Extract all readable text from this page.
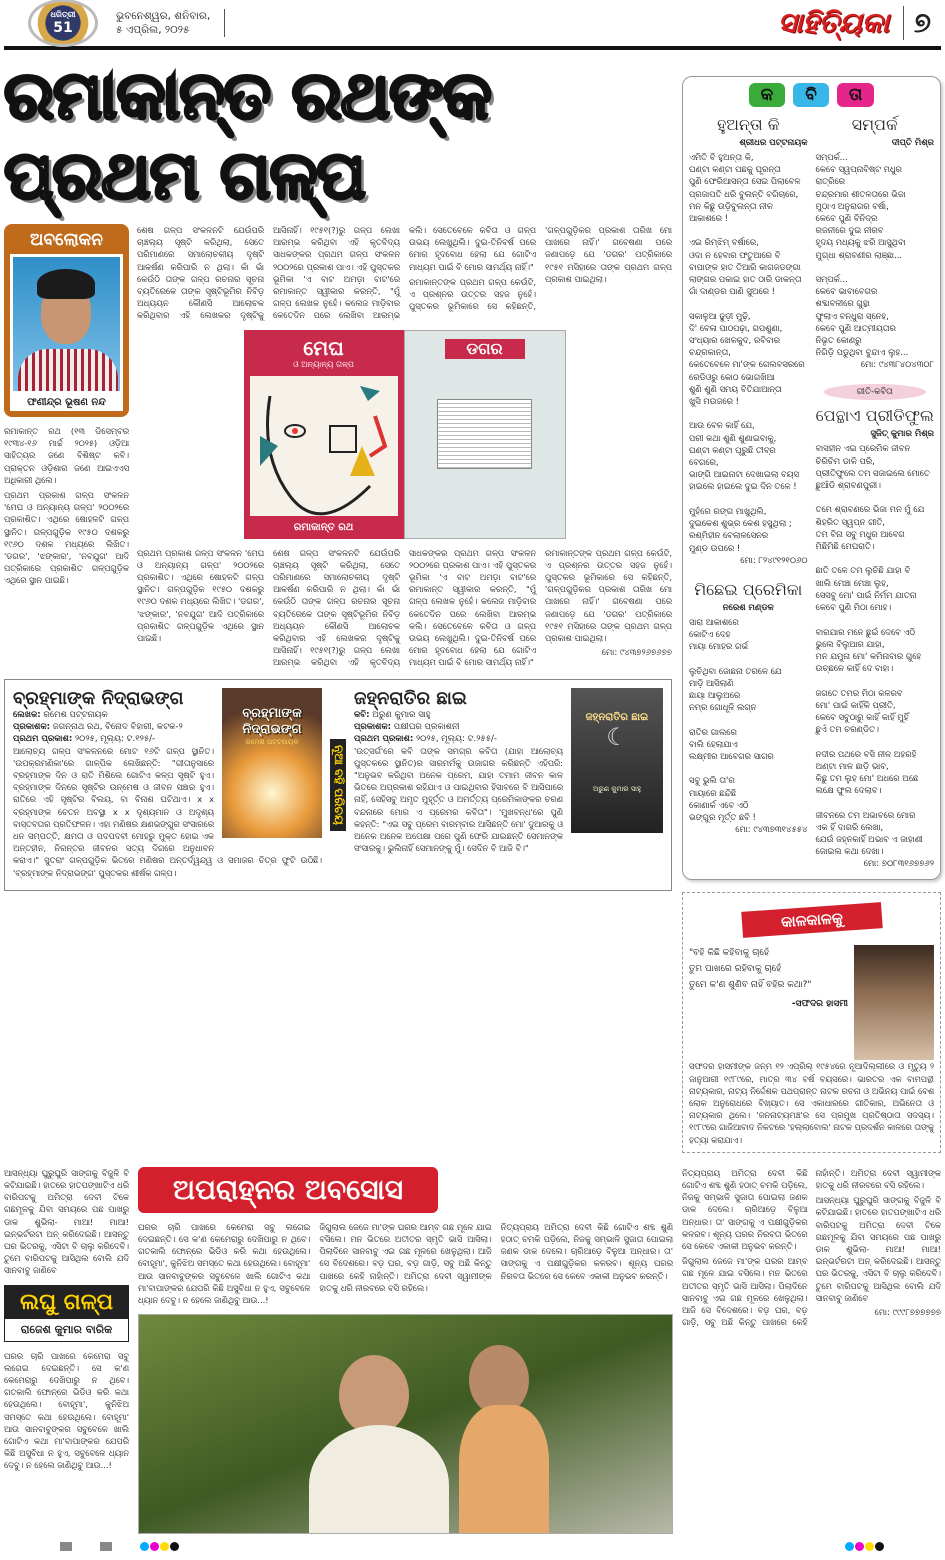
ଧରିତ୍ରୀ
51
ଭୁବନେଶ୍ୱର, ଶନିବାର,
୫ ଏପ୍ରିଲ, ୨୦୨୫	ସାହିତ୍ୟିକା ୭
ରମାକାନ୍ତ ରଥଙ୍କ ପ୍ରଥମ ଗଳ୍ପ
ଅବଲୋକନ
ଫଣୀନ୍ଦ୍ର ଭୂଷଣ ନନ୍ଦ

ରମାକାନ୍ତ ରଥ (୧୩ ଡିସେମ୍ବର ୧୯୩୪-୧୬ ମାର୍ଚ୍ଚ ୨୦୨୫) ଓଡ଼ିଆ ସାହିତ୍ୟର ଜଣେ ବିଶିଷ୍ଟ କବି। ପ୍ରାକ୍ତନ ଓଡ଼ିଶାର ଜଣେ ଆଇଏଏସ ଅଧିକାରୀ ଥିଲେ।

ପ୍ରଥମ ପ୍ରକାଶ ଗଳ୍ପ ସଂକଳନ 'ମେଘ ଓ ଅନ୍ୟାନ୍ୟ ଗଳ୍ପ' ୨୦୦୨ରେ ପ୍ରକାଶିତ। ଏଥିରେ ଷୋହଳଟି ଗଳ୍ପ ସ୍ଥାନିତ। ଗଳ୍ପଗୁଡ଼ିକ ୧୯୫୦ ଦଶକରୁ ୧୯୬୦ ଦଶକ ମଧ୍ୟରେ ଲିଖିତ। 'ଡଗର', 'ଝଙ୍କାର', 'ନବଯୁଗ' ଆଦି ପତ୍ରିକାରେ ପ୍ରକାଶିତ ଗଳ୍ପଗୁଡ଼ିକ ଏଥିରେ ସ୍ଥାନ ପାଇଛି।

ଶେଷ ଗଳ୍ପ ସଂକଳନଟି ଯେଉଁପରି ଚାଞ୍ଚଲ୍ୟ ସୃଷ୍ଟି କରିଥିଲା, ସେତେ ପରିମାଣରେ ସମାଲୋଚକୀୟ ଦୃଷ୍ଟି ଆକର୍ଷଣ କରିପାରି ନ ଥିଲା। କାଁ ଭାଁ କେଉଁଠି ତାଙ୍କ ଗଳ୍ପ ରଚନାର ସୂଚନା ବ୍ୟତିରେକେ ତାଙ୍କ ସୃଷ୍ଟିଭୂମିର ନିବିଡ଼ ଅଧ୍ୟୟନ କୌଣସି ଆଲୋଚକ କରିଥିବାର ଏହି ଲେଖକର ଦୃଷ୍ଟିକୁ ଆସିନାହିଁ। ୧୯୫୧(?)ରୁ ଗଳ୍ପ ଲେଖା ଆରମ୍ଭ କରିଥିବା ଏହି କୃତବିଦ୍ୟ ସାଧକଙ୍କର ପ୍ରଥମ ଗଳ୍ପ ସଂକଳନ ୨୦୦୨ରେ ପ୍ରକାଶ ପାଏ। ଏହି ପୁସ୍ତକର ଭୂମିକା 'ଏ ବାଟ ଅମଡ଼ା ବାଟ'ରେ ରମାକାନ୍ତ ସ୍ୱୀକାର କରନ୍ତି, "ମୁଁ ଗଳ୍ପ ଲେଖକ ନୁହେଁ। କଲେଜ ମାଡ଼ିବାର କେତେଦିନ ପରେ ଲେଖିବା ଆରମ୍ଭ କଲି। ସେତେବେଳେ କବିତା ଓ ଗଳ୍ପ ଉଭୟ ଲେଖୁଥିଲି। ଦୁଇ-ତିନିବର୍ଷ ପରେ ମୋର ହୃଦବୋଧ ହେଲା ଯେ ଗୋଟିଏ ମାଧ୍ୟମ ପାଇଁ ବି ମୋର ସାମର୍ଥ୍ୟ ନାହିଁ।"

ରମାକାନ୍ତଙ୍କ ପ୍ରଥମ ଗଳ୍ପ କେଉଁଟି, ଏ ପ୍ରଶ୍ନର ଉତ୍ତର ସହଜ ନୁହେଁ। ପୁସ୍ତକର ଭୂମିକାରେ ସେ କହିଛନ୍ତି, 'ଗଳ୍ପଗୁଡ଼ିକର ପ୍ରକାଶ ତାରିଖ ମୋ ପାଖରେ ନାହିଁ।' ଗବେଷଣା ପରେ ଜଣାପଡ଼େ ଯେ 'ଡଗର' ପତ୍ରିକାରେ ୧୯୫୧ ମସିହାରେ ତାଙ୍କ ପ୍ରଥମ ଗଳ୍ପ ପ୍ରକାଶ ପାଇଥିଲା।

ମେଘ
ଓ ଅନ୍ୟାନ୍ୟ ଗଳ୍ପ
ରମାକାନ୍ତ ରଥ
ଡଗର

ପ୍ରଥମ ପ୍ରକାଶ ଗଳ୍ପ ସଂକଳନ 'ମେଘ ଓ ଅନ୍ୟାନ୍ୟ ଗଳ୍ପ' ୨୦୦୨ରେ ପ୍ରକାଶିତ। ଏଥିରେ ଷୋହଳଟି ଗଳ୍ପ ସ୍ଥାନିତ। ଗଳ୍ପଗୁଡ଼ିକ ୧୯୫୦ ଦଶକରୁ ୧୯୬୦ ଦଶକ ମଧ୍ୟରେ ଲିଖିତ। 'ଡଗର', 'ଝଙ୍କାର', 'ନବଯୁଗ' ଆଦି ପତ୍ରିକାରେ ପ୍ରକାଶିତ ଗଳ୍ପଗୁଡ଼ିକ ଏଥିରେ ସ୍ଥାନ ପାଇଛି।

ଶେଷ ଗଳ୍ପ ସଂକଳନଟି ଯେଉଁପରି ଚାଞ୍ଚଲ୍ୟ ସୃଷ୍ଟି କରିଥିଲା, ସେତେ ପରିମାଣରେ ସମାଲୋଚକୀୟ ଦୃଷ୍ଟି ଆକର୍ଷଣ କରିପାରି ନ ଥିଲା। କାଁ ଭାଁ କେଉଁଠି ତାଙ୍କ ଗଳ୍ପ ରଚନାର ସୂଚନା ବ୍ୟତିରେକେ ତାଙ୍କ ସୃଷ୍ଟିଭୂମିର ନିବିଡ଼ ଅଧ୍ୟୟନ କୌଣସି ଆଲୋଚକ କରିଥିବାର ଏହି ଲେଖକର ଦୃଷ୍ଟିକୁ ଆସିନାହିଁ। ୧୯୫୧(?)ରୁ ଗଳ୍ପ ଲେଖା ଆରମ୍ଭ କରିଥିବା ଏହି କୃତବିଦ୍ୟ ସାଧକଙ୍କର ପ୍ରଥମ ଗଳ୍ପ ସଂକଳନ ୨୦୦୨ରେ ପ୍ରକାଶ ପାଏ। ଏହି ପୁସ୍ତକର ଭୂମିକା 'ଏ ବାଟ ଅମଡ଼ା ବାଟ'ରେ ରମାକାନ୍ତ ସ୍ୱୀକାର କରନ୍ତି, "ମୁଁ ଗଳ୍ପ ଲେଖକ ନୁହେଁ। କଲେଜ ମାଡ଼ିବାର କେତେଦିନ ପରେ ଲେଖିବା ଆରମ୍ଭ କଲି। ସେତେବେଳେ କବିତା ଓ ଗଳ୍ପ ଉଭୟ ଲେଖୁଥିଲି। ଦୁଇ-ତିନିବର୍ଷ ପରେ ମୋର ହୃଦବୋଧ ହେଲା ଯେ ଗୋଟିଏ ମାଧ୍ୟମ ପାଇଁ ବି ମୋର ସାମର୍ଥ୍ୟ ନାହିଁ।"

ରମାକାନ୍ତଙ୍କ ପ୍ରଥମ ଗଳ୍ପ କେଉଁଟି, ଏ ପ୍ରଶ୍ନର ଉତ୍ତର ସହଜ ନୁହେଁ। ପୁସ୍ତକର ଭୂମିକାରେ ସେ କହିଛନ୍ତି, 'ଗଳ୍ପଗୁଡ଼ିକର ପ୍ରକାଶ ତାରିଖ ମୋ ପାଖରେ ନାହିଁ।' ଗବେଷଣା ପରେ ଜଣାପଡ଼େ ଯେ 'ଡଗର' ପତ୍ରିକାରେ ୧୯୫୧ ମସିହାରେ ତାଙ୍କ ପ୍ରଥମ ଗଳ୍ପ ପ୍ରକାଶ ପାଇଥିଲା।

ମୋ: ୯୪୩୭୨୬୭୬୭୭
ବ୍ରହ୍ମାଙ୍କ ନିଦ୍ରାଭଙ୍ଗ
ରମେଶ ପଟ୍ଟନାୟକ
ବ୍ରହ୍ମାଙ୍କ ନିଦ୍ରାଭଙ୍ଗ
ଲେଖକ: ରମେଶ ପଟ୍ଟନାୟକ
ପ୍ରକାଶକ: ଜଗନ୍ନାଥ ରଥ, ବିନୋଦ ବିହାରୀ, କଟକ-୨
ପ୍ରଥମ ପ୍ରକାଶ: ୨୦୨୫, ମୂଲ୍ୟ: ଟ.୧୨୫/-

ଆଲୋଚ୍ୟ ଗଳ୍ପ ସଂକଳନରେ ମୋଟ ୧୬ଟି ଗଳ୍ପ ସ୍ଥାନିତ। 'ଉପକ୍ରମଣିକା'ରେ ଗାଳ୍ପିକ ଲେଖିଛନ୍ତି: "ଗୀତାନୁସାରେ ବ୍ରହ୍ମାଙ୍କ ଦିନ ଓ ରାତି ମିଶିଲେ ଗୋଟିଏ କଳ୍ପ ସୃଷ୍ଟି ହୁଏ। ବ୍ରହ୍ମାଙ୍କ ଦିନରେ ସୃଷ୍ଟିର ଉନ୍ମେଷ ଓ ଜୀବନ ସଞ୍ଚାର ହୁଏ। ରାତିରେ ଏହି ସୃଷ୍ଟିର ବିଲୟ, ବା ବିନାଶ ଘଟିଥାଏ। x x ବ୍ରହ୍ମାଙ୍କ ଚେତନ ଅବସ୍ଥା x x ଦୃଶ୍ୟମାନ ଓ ଅଦୃଶ୍ୟ ବାସ୍ତବତାର ପ୍ରତିଫଳନ। ଏହା ମଣିଷର କ୍ଷଣଭଙ୍ଗୁର ସଂସାରରେ ଧନ ସମ୍ପତ୍ତି, କ୍ଷମତା ଓ ପଦପଦବୀ ମୋହରୁ ମୁକ୍ତ ହୋଇ ଏକ ଅନ୍ତହୀନ, ନିରନ୍ତର ଜୀବନର ସତ୍ୟ ଦିଗରେ ଅନୁଧାବନ କରାଏ।" ସୁତରାଂ ଗଳ୍ପଗୁଡ଼ିକ ଭିତରେ ମଣିଷର ଅନ୍ତର୍ଦ୍ୱନ୍ଦ୍ୱ ଓ ସମାଜର ଚିତ୍ର ଫୁଟି ଉଠିଛି। 'ବ୍ରହ୍ମାଙ୍କ ନିଦ୍ରାଭଙ୍ଗ' ପୁସ୍ତକର ଶୀର୍ଷକ ଗଳ୍ପ।

ନୂଆ ବହି ପରିଚୟ
ଜହ୍ନରାତିର ଛାଇ
☾
ଅରୁଣ କୁମାର ସାହୁ
ଜହ୍ନରାତିର ଛାଇ
କବି: ଅରୁଣ କୁମାର ସାହୁ
ପ୍ରକାଶକ: ପକ୍ଷୀଘର ପ୍ରକାଶନୀ
ପ୍ରଥମ ପ୍ରକାଶ: ୨୦୨୫, ମୂଲ୍ୟ: ଟ.୨୫୫/-

'ଉତ୍ସର୍ଗ'ରେ କବି ତାଙ୍କ ସମଗ୍ର କବିତା (ଯାହା ଆଲୋଚ୍ୟ ପୁସ୍ତକରେ ସ୍ଥାନିତ)ର ସାରମର୍ମକୁ ଉଜାଗର କରିଛନ୍ତି ଏହିପରି: "ଅନୁଭବ କରିଥିବା ଅନେକ ପ୍ରେମ, ଯାହା ତମାମ ଜୀବନ କାଳ ଭିତରେ ଅପ୍ରକାଶ ରହିଯାଏ ଓ ପାଇଥିବାର ହିସାବରେ ବି ଆସିପାରେ ନାହିଁ, ସେହିସବୁ ଅମୃତ ମୁହୂର୍ତ୍ତ ଓ ଅମର୍ତ୍ତ୍ୟ ପ୍ରେମିକାଙ୍କର ଚରଣ ବନ୍ଦନାରେ ମୋର ଏ ପ୍ରେମର କବିତା"। 'ମୁଖବନ୍ଧ'ରେ ପୁଣି କହନ୍ତି: "ଏଇ ସବୁ ପ୍ରେମ ବାରମ୍ବାର ଆସିଛନ୍ତି ମୋ' ଦୁଆରକୁ ଓ ଅନେକ ଅନେକ ଅପେକ୍ଷା ପରେ ପୁଣି ଫେରି ଯାଇଛନ୍ତି ସେମାନଙ୍କ ସଂସାରକୁ। ଭୁଲିନାହିଁ ସେମାନଙ୍କୁ ମୁଁ। ସେଦିନ ବି ଆଜି ବି।"

କ	ବି	ତା
ହୁଅନ୍ତା କି
ଶ୍ରୀଧର ପଟ୍ଟନାୟକ
ଏମିତି ବି ହୁଅନ୍ତା କି,
ଘଣ୍ଟା କଣ୍ଟା ପଛକୁ ଘୂରନ୍ତା
ପୁଣି ଫେରିଆସନ୍ତା ସେଇ ପିଲାବେଳ
ପ୍ରଜାପତି ଧରି ବୁଲନ୍ତି ବଗିଚାରେ,
ମନ କିଛୁ ଉଡ଼ିବୁଲନ୍ତା ନୀଳ ଆକାଶରେ !

ଏଇ ରିମ୍‌ଝିମ୍ ବର୍ଷାରେ,
ଓଦା ନ ହେବାର ଫତୁଆରେ ବି
ବାପାଙ୍କ ହାତ ତିଆରି କାଗଜଡଙ୍ଗା
ଲାଙ୍ଗର ପକାଇ ହାତ ଠାରି ଡାକନ୍ତା
ଗାଁ ଦାଣ୍ଡର ପାଣି ସୁଅରେ !

ସକାଳୁଆ ଢୁଡ଼ୀ ମୁଢ଼ି,
ଦି' ବେଳା ପାଠପଢ଼ା, ଗପଶୁଣା,
ସଂଧ୍ୟାର ଖେଳକୁଦ, ରବିବାର
ଚନ୍ଦ୍ରକାନ୍ତା,
କେତେବେଳେ ମା'ଙ୍କ ଗେଲବସରରେ
ରେଡିଓରୁ କୋଠ ଭୋଗଖିଆ
ଶୁଣି ଶୁଣି ସମୟ ବିତିଯାଆନ୍ତା
ଖୁସି ମଉଜରେ !

ଆଉ ବେଳ କାହିଁ ଯେ,
ପରୀ କଥା ଶୁଣି ଶୁଣାଇବାକୁ,
ଘଣ୍ଟା କଣ୍ଟା ଘୂରୁଛି ତୀବ୍ର ବେଗରେ,
ଭାଙ୍ଗି ଆଇନାଟା ଦେଖାଇଲା ବୟସ
ହାଇଲେ ହାଇଲେ ଦୁଇ ଦିନ ତଳେ !

ମୁହଁରେ ରଙ୍ଗ ମାଖୁଥିଲି,
ଦୁଇକେଶ ଶୁଭ୍ର କେଶ ହସୁଥିଲା ;
ରଶ୍ମିହୀନ ବେଲାଳସେନର
ମୁଣ୍ଡ ଉପରେ !
ମୋ: ୮୨୪୯୧୨୧୦୬୦
ମିଛେଇ ପ୍ରେମିକା
ନରେଶ ମଣ୍ଡଳ
ସାରା ଆକାଶରେ
କୋଟିଏ ଦେହ
ମାୟା ମୋହର ଗର୍ଭ

ଲୁଚିଥିବା ଜୋଛନା ତରଳେ ଯେ
ମାଡ଼ି ଆସିଲାଣି
ଛାୟା ଆଲୁଅରେ
ନମ୍ର ଗୋଧୂଳି ଲଗ୍ନ

ରାତିର ଗାଲରେ
ବାଲି ହେଲାଯାଏ
ଲକ୍ଷ୍ମୀର ଆବେଗର ସାଗର

ସବୁ ଭୁଲି ତା'ର
ମାୟାରେ ଛନ୍ଦିଛି
କୋଣାର୍କ ଏବେ ଏଠି
ଭଙ୍ଗୁର ମୂର୍ତ୍ତ ଛବି !
ମୋ: ୯୪୩୭୩୧୪୫୫୪
ସମ୍ପର୍କ
ଦୀପ୍ତି ମିଶ୍ର
ସମ୍ପର୍କ...
କେବେ ସ୍ୱପ୍ନାବିଷ୍ଟ ମଧୁର ରାତ୍ରିରେ
ଚନ୍ଦ୍ରମାର ଶୀତଳତାରେ ଭିଜା
ମୁଠାଏ ଅନୁରାଗର ବର୍ଷା,
କେବେ ପୁଣି ବିନିଦ୍ର
ରଜନୀରେ ଦୁଇ ନୀରବ
ହୃଦୟ ମଧ୍ୟକୁ ଝରି ଆସୁଥିବା
ମୁଗ୍ଧା ଶ୍ରାବଣୀର ଲାଞ୍ଛା...

ସମ୍ପର୍କ...
କେବେ ଭାବାବେଗର
ଶବ୍ଦାବଳୀରେ ଗୁନ୍ଥା
ଫୁଲାଏ ବନ୍ଧୁରା ସ୍ନେହ,
କେବେ ପୁଣି ଆତ୍ମୀୟତାର
ନିଭୃତ କୋଣରୁ
ନିଗିଡ଼ି ପଡୁଥିବା ବୁନ୍ଦାଏ ଲୁହ...
ମୋ: ୯୪୩୮୪୦୪୩୦୮
ଗୀତି-କବିତା
ପେନ୍ଥାଏ ପ୍ରୀତିଫୁଲ
ସୁଜିତ୍ କୁମାର ମିଶ୍ର
ବାସହୀନ ଏଇ ପ୍ରେମିକ ଜୀବନ
ଚିରିଚିମ ଡାଳି ପରି,
ପ୍ରୀତିଫୁଲେ ତମ ସଜାଇଲେ ମୋତେ
ଛୁଆଁଡି ଶ୍ରାବଣପୁରୀ।

ତମେ ଶ୍ରାବଣରେ ଭିଜା ମନ ମୁଁ ଯେ
ଶିହରିତ ସ୍ୱପ୍ନ ଗୀତି,
ତମ ବିନା ସବୁ ମଧୁର ଆବେଗ
ମିଛିମିଛି ମେଘରାତି।

ଛାତି ତଳେ ତମ ଲୁଚିଛି ଯାହା ବି
ଖାଲି ମେଞ୍ଚା ମେଞ୍ଚା ଲୁହ,
ସେସବୁ ମୋ' ପାଇଁ ନିର୍ମମ ଯାତନା
କେବେ ପୁଣି ମିଠା ମୋହ।

ବାରଯାର ମନେ ଛୁଇଁ ଦେବେ ଏଠି
ଭୁଲେ ବିଲୁଆର ଯାହା,
ମନ ଯମୁନା ମୋ' କମିନାବାର ଗୁହେ
ଉଚ୍ଛଳେ କାହିଁ ଦେ ବାହା।

ଜଗତେ ତମର ମିଠା କଳରବ
ମୋ' ପାଇଁ କାହିଁକି ପ୍ରୀତି,
କେବେ ସବୁଠାରୁ କାହିଁ କାହିଁ ମୁହିଁ
ଛୁଏଁ ତମ ଚରଣ୍ଡିତ।

ନଦୀର ପଥରେ ବସି ନୀଳ ଅହରହି
ଅଣ୍ଟା ମାଳ ଛାଡ଼ି ଭାବ,
କିଛୁ ତମ ଲୁହ ମୋ' ଅଧରେ ଅଛେ
ଲକ୍ଷେ ଫୁଲ ଦେଲାବ।

ଜୀବନରେ ତମ ଅଭାବରେ ମୋର
ଏକ ହିଁ ଦାଗରି ଲେଖା,
ଯେଉଁ ଜହ୍ନକାହିଁ ଅଭାବ ଏ ଜାହାଣୀ
ଜୋଇଲ କଥା ଦେଖା।
ମୋ: ୭୦୮୩୧୬୭୭୬୨
କାଳକାଳକୁ
"ବହି କିଛି କହିବାକୁ ଚାହେଁ
ତୁମ ପାଖରେ ରହିବାକୁ ଚାହେଁ
ତୁମେ କ'ଣ ଶୁଣିବ ନାହିଁ ବହିର କଥା?"
-ସଫଦର ହାସମୀ
ସଫଦର ହାସମୀଙ୍କ ଜନ୍ମ ୧୨ ଏପ୍ରିଲ୍ ୧୯୫୪ରେ ନୂଆଦିଲ୍ଲୀରେ ଓ ମୃତ୍ୟୁ ୨ ଜାନୁଆରୀ ୧୯୮୯ରେ, ମାତ୍ର ୩୪ ବର୍ଷ ବୟସରେ। ଭାରତର ଏକ ବାମପନ୍ଥୀ ନାଟ୍ୟକାର, ନାଟ୍ୟ ନିର୍ଦ୍ଦେଶକ ପଥପ୍ରାନ୍ତ ନାଟକ ରଚନା ଓ ଅଭିନୟ ପାଇଁ ବେଶ ଲୋକ ଅନୁରୋଧରେ ବିଖ୍ୟାତ। ସେ ଏକାଧାରରେ ଗୀତିକାର, ଅଭିନେତା ଓ ନାଟ୍ୟକାର ଥିଲେ। 'ଜନନାଟ୍ୟମଞ୍ଚ'ର ସେ ପ୍ରମୁଖ ପ୍ରତିଷ୍ଠାତା ସଦସ୍ୟ। ୧୯୮୯ରେ ଗାଜିଆବାଦ ନିକଟରେ 'ହଲ୍ଲାବୋଲ' ନାଟକ ପ୍ରଦର୍ଶନ କାଳରେ ତାଙ୍କୁ ହତ୍ୟା କରାଯାଏ।

ଆସନ୍ଧ୍ୟା ଘୁରୁଘୁରି ସାଙ୍ଗକୁ ବିଜୁଳି ବି କଟିଯାଇଛି। ହାତରେ ହାତପଙ୍ଖାଟିଏ ଧରି ବାରିପଟକୁ ଅମିତ୍ରା ଦେବୀ ଟିକେ ଗଛମୂଳକୁ ଯିବା ସମୟରେ ପଛ ପାଖରୁ ଡାକ ଶୁଭିଲା- ମାଆ! ମାଆ! ଇନ୍ଭର୍ଟରଟା ଅନ୍ କରିଦେଇଛି। ଆସନ୍ତୁ ଘର ଭିତରକୁ, ଏସିଟା ବି ଚାଲୁ କରିଦେବି। ତୁମେ ବାରିପଟକୁ ଆସିଥିଲ ବୋଲି ଯଦି ସାନବାବୁ ଜାଣିବେ

ଲଘୁ ଗଳ୍ପ
ରାଜେଶ କୁମାର ବାରିକ

ଘରର ଚାରି ପାଖରେ କେମେରା ସବୁ ଲଗେଇ ଦେଇଛନ୍ତି। ସେ କ'ଣ କେମେରାରୁ ଦେଖିପାରୁ ନ ଥିବେ। ଗତକାଲି ଫୋନ୍‌ରେ ଭିଡିଓ କରି କଥା ହେଉଥିଲେ। ବୋହୂମା', କୁନିଝିଅ ସମସ୍ତେ କଥା ହେଉଥିଲେ। ବୋହୂମା' ଆଉ ସାନବାବୁଙ୍କର ସବୁବେଳେ ଖାଲି ଗୋଟିଏ କଥା ମା'ବାପାଙ୍କର ଯେପରି କିଛି ଅସୁବିଧା ନ ହୁଏ, ସବୁବେଳେ ଧ୍ୟାନ ଦେବୁ। ନ ହେଲେ ଜାଣିଥିବୁ ଆଉ...!

ଅପରାହ୍ନର ଅବସୋସ

ଘରର ଚାରି ପାଖରେ କେମେରା ସବୁ ଲଗେଇ ଦେଇଛନ୍ତି। ସେ କ'ଣ କେମେରାରୁ ଦେଖିପାରୁ ନ ଥିବେ। ଗତକାଲି ଫୋନ୍‌ରେ ଭିଡିଓ କରି କଥା ହେଉଥିଲେ। ବୋହୂମା', କୁନିଝିଅ ସମସ୍ତେ କଥା ହେଉଥିଲେ। ବୋହୂମା' ଆଉ ସାନବାବୁଙ୍କର ସବୁବେଳେ ଖାଲି ଗୋଟିଏ କଥା ମା'ବାପାଙ୍କର ଯେପରି କିଛି ଅସୁବିଧା ନ ହୁଏ, ସବୁବେଳେ ଧ୍ୟାନ ଦେବୁ। ନ ହେଲେ ଜାଣିଥିବୁ ଆଉ...!

ଜିଗୁଲାଲ ଜେଜେ ମା'ଙ୍କ ଘରର ଆମ୍ବ ଗଛ ମୂଳେ ଯାଇ ବସିଲେ। ମନ ଭିତରେ ଅତୀତର ସ୍ମୃତି ଭାସି ଆସିଲା। ପିଲାଦିନେ ସାନବାବୁ ଏଇ ଗଛ ମୂଳରେ ଖେଳୁଥିଲା। ଆଜି ସେ ବିଦେଶରେ। ବଡ଼ ଘର, ବଡ଼ ଗାଡ଼ି, ସବୁ ଅଛି କିନ୍ତୁ ପାଖରେ କେହି ନାହାଁନ୍ତି। ଅମିତ୍ରା ଦେବୀ ସ୍ୱାମୀଙ୍କ ହାତକୁ ଧରି ନୀରବରେ ବସି ରହିଲେ।

ନିତ୍ୟପ୍ରାୟ ଅମିତ୍ରା ଦେବୀ କିଛି ଗୋଟିଏ ଶବ୍ଦ ଶୁଣି ହଠାତ୍ ଚମକି ପଡ଼ିଲେ, ନିଜକୁ ସମ୍ଭାଳି ସୁଜାତା ପୋଇଲା ଜଣକ ଡାକ ଦେଲେ। ଚାରିଆଡ଼େ ବିଳୁଆ ଅନ୍ଧାର। ତା' ସାଙ୍ଗକୁ ଏ ପକ୍ଷୀଗୁଡ଼ିକର କଳରବ। ଶୂନ୍ୟ ଘରର ନିରବତା ଭିତରେ ସେ କେବେ ଏକାକୀ ଅନୁଭବ କରନ୍ତି।

ନିତ୍ୟପ୍ରାୟ ଅମିତ୍ରା ଦେବୀ କିଛି ଗୋଟିଏ ଶବ୍ଦ ଶୁଣି ହଠାତ୍ ଚମକି ପଡ଼ିଲେ, ନିଜକୁ ସମ୍ଭାଳି ସୁଜାତା ପୋଇଲା ଜଣକ ଡାକ ଦେଲେ। ଚାରିଆଡ଼େ ବିଳୁଆ ଅନ୍ଧାର। ତା' ସାଙ୍ଗକୁ ଏ ପକ୍ଷୀଗୁଡ଼ିକର କଳରବ। ଶୂନ୍ୟ ଘରର ନିରବତା ଭିତରେ ସେ କେବେ ଏକାକୀ ଅନୁଭବ କରନ୍ତି।

ଜିଗୁଲାଲ ଜେଜେ ମା'ଙ୍କ ଘରର ଆମ୍ବ ଗଛ ମୂଳେ ଯାଇ ବସିଲେ। ମନ ଭିତରେ ଅତୀତର ସ୍ମୃତି ଭାସି ଆସିଲା। ପିଲାଦିନେ ସାନବାବୁ ଏଇ ଗଛ ମୂଳରେ ଖେଳୁଥିଲା। ଆଜି ସେ ବିଦେଶରେ। ବଡ଼ ଘର, ବଡ଼ ଗାଡ଼ି, ସବୁ ଅଛି କିନ୍ତୁ ପାଖରେ କେହି ନାହାଁନ୍ତି। ଅମିତ୍ରା ଦେବୀ ସ୍ୱାମୀଙ୍କ ହାତକୁ ଧରି ନୀରବରେ ବସି ରହିଲେ।

ଆସନ୍ଧ୍ୟା ଘୁରୁଘୁରି ସାଙ୍ଗକୁ ବିଜୁଳି ବି କଟିଯାଇଛି। ହାତରେ ହାତପଙ୍ଖାଟିଏ ଧରି ବାରିପଟକୁ ଅମିତ୍ରା ଦେବୀ ଟିକେ ଗଛମୂଳକୁ ଯିବା ସମୟରେ ପଛ ପାଖରୁ ଡାକ ଶୁଭିଲା- ମାଆ! ମାଆ! ଇନ୍ଭର୍ଟରଟା ଅନ୍ କରିଦେଇଛି। ଆସନ୍ତୁ ଘର ଭିତରକୁ, ଏସିଟା ବି ଚାଲୁ କରିଦେବି। ତୁମେ ବାରିପଟକୁ ଆସିଥିଲ ବୋଲି ଯଦି ସାନବାବୁ ଜାଣିବେ

ମୋ: ୯୯୯୮୭୭୭୭୭୭
